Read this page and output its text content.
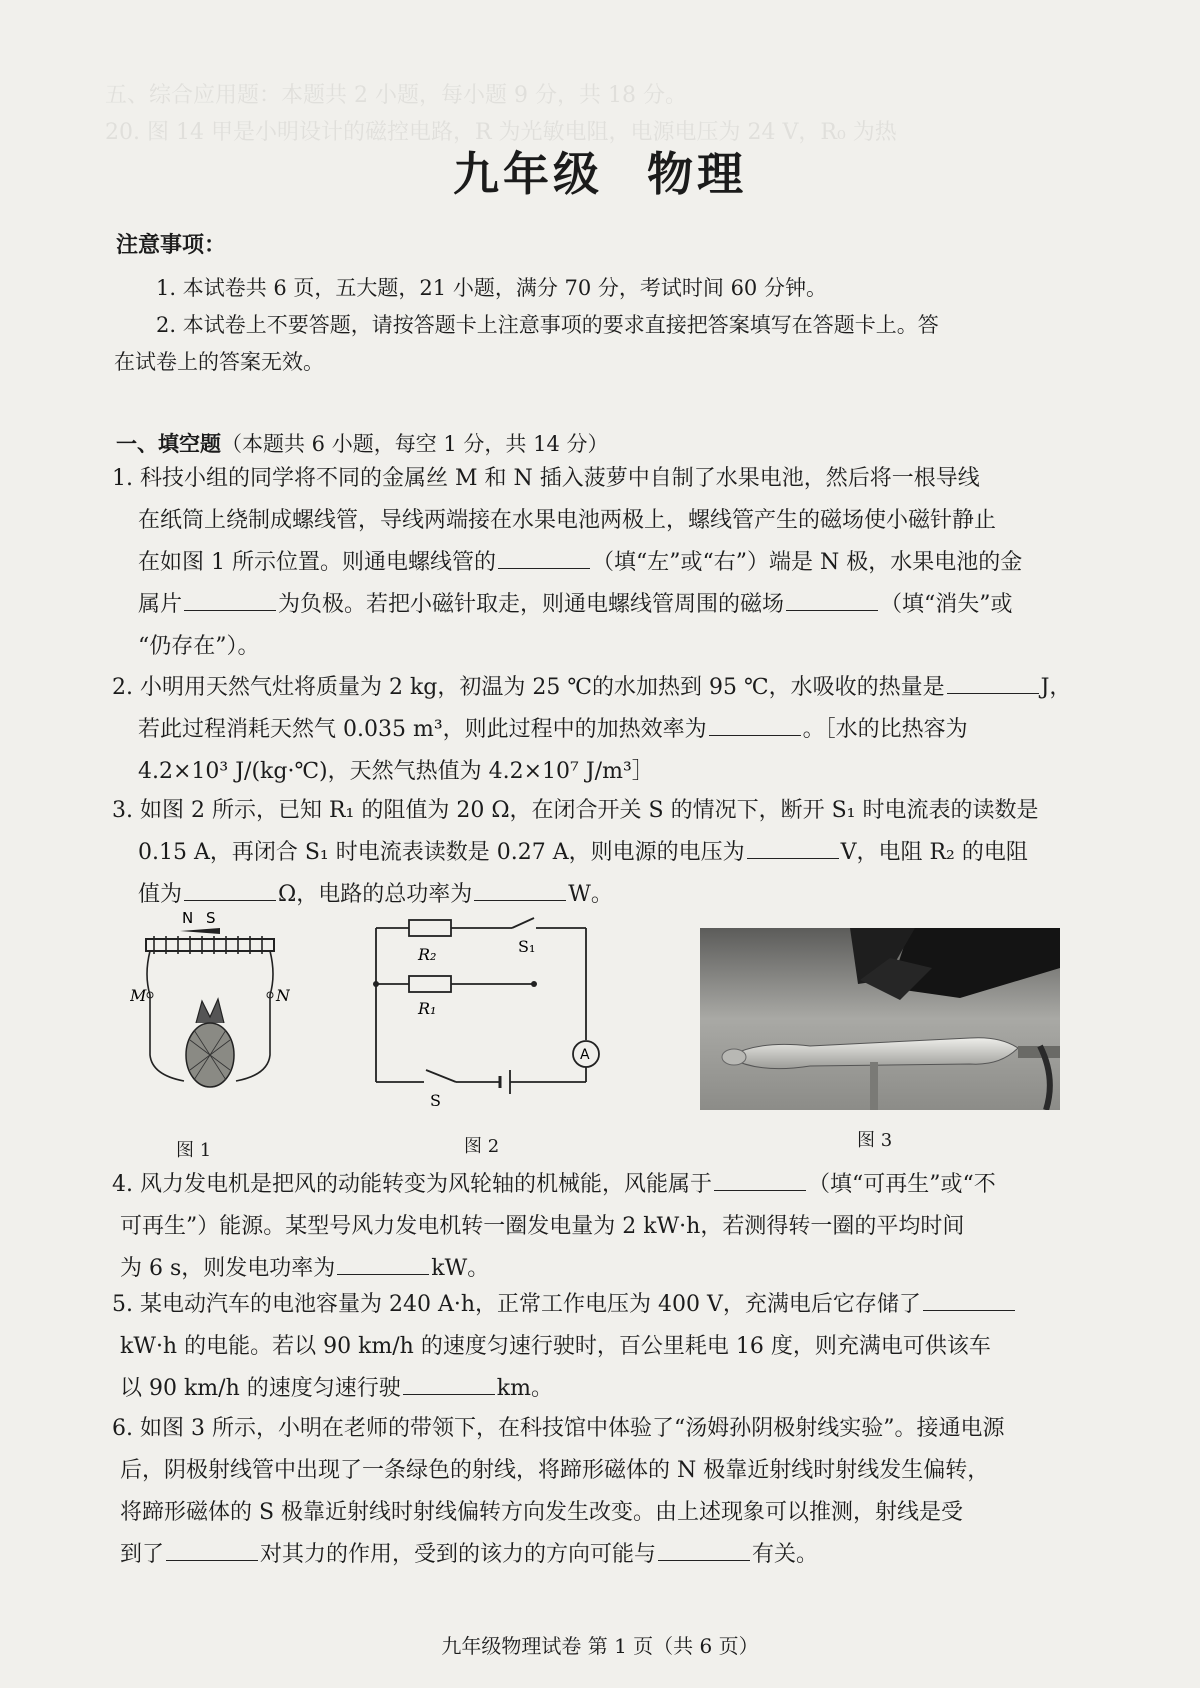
五、综合应用题：本题共 2 小题，每小题 9 分，共 18 分。
20. 图 14 甲是小明设计的磁控电路，R 为光敏电阻，电源电压为 24 V，R₀ 为热
九年级 物理
注意事项：
1. 本试卷共 6 页，五大题，21 小题，满分 70 分，考试时间 60 分钟。
2. 本试卷上不要答题，请按答题卡上注意事项的要求直接把答案填写在答题卡上。答
在试卷上的答案无效。
一、填空题（本题共 6 小题，每空 1 分，共 14 分）

1. 科技小组的同学将不同的金属丝 M 和 N 插入菠萝中自制了水果电池，然后将一根导线

在纸筒上绕制成螺线管，导线两端接在水果电池两极上，螺线管产生的磁场使小磁针静止

在如图 1 所示位置。则通电螺线管的	（填“左”或“右”）端是 N 极，水果电池的金

属片	为负极。若把小磁针取走，则通电螺线管周围的磁场	（填“消失”或

“仍存在”）。

2. 小明用天然气灶将质量为 2 kg，初温为 25 ℃的水加热到 95 ℃，水吸收的热量是	J，

若此过程消耗天然气 0.035 m³，则此过程中的加热效率为	。［水的比热容为

4.2×10³ J/(kg·℃)，天然气热值为 4.2×10⁷ J/m³］

3. 如图 2 所示，已知 R₁ 的阻值为 20 Ω，在闭合开关 S 的情况下，断开 S₁ 时电流表的读数是

0.15 A，再闭合 S₁ 时电流表读数是 0.27 A，则电源的电压为	V，电阻 R₂ 的电阻

值为	Ω，电路的总功率为	W。

N S
M	N
图 1
R₂
R₁
S₁
A
S
图 2	图 3

4. 风力发电机是把风的动能转变为风轮轴的机械能，风能属于	（填“可再生”或“不

可再生”）能源。某型号风力发电机转一圈发电量为 2 kW·h，若测得转一圈的平均时间

为 6 s，则发电功率为	kW。

5. 某电动汽车的电池容量为 240 A·h，正常工作电压为 400 V，充满电后它存储了

kW·h 的电能。若以 90 km/h 的速度匀速行驶时，百公里耗电 16 度，则充满电可供该车

以 90 km/h 的速度匀速行驶	km。

6. 如图 3 所示，小明在老师的带领下，在科技馆中体验了“汤姆孙阴极射线实验”。接通电源

后，阴极射线管中出现了一条绿色的射线，将蹄形磁体的 N 极靠近射线时射线发生偏转，

将蹄形磁体的 S 极靠近射线时射线偏转方向发生改变。由上述现象可以推测，射线是受

到了	对其力的作用，受到的该力的方向可能与	有关。

九年级物理试卷 第 1 页（共 6 页）
